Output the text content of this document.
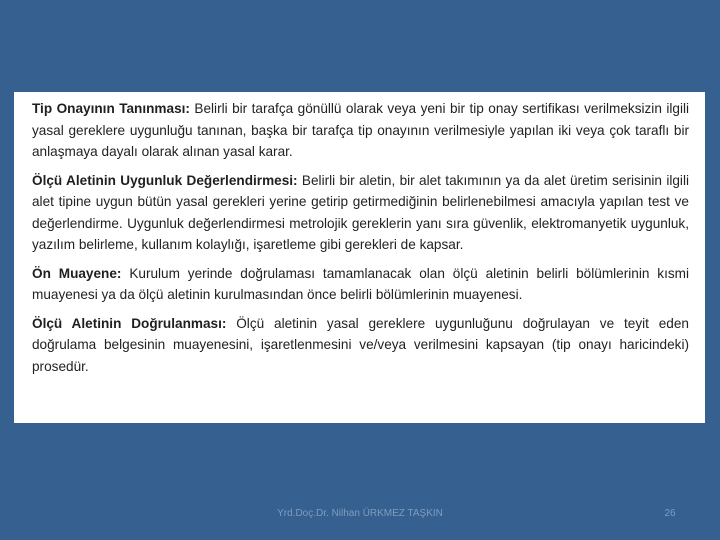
Tip Onayının Tanınması: Belirli bir tarafça gönüllü olarak veya yeni bir tip onay sertifikası verilmeksizin ilgili yasal gereklere uygunluğu tanınan, başka bir tarafça tip onayının verilmesiyle yapılan iki veya çok taraflı bir anlaşmaya dayalı olarak alınan yasal karar.

Ölçü Aletinin Uygunluk Değerlendirmesi: Belirli bir aletin, bir alet takımının ya da alet üretim serisinin ilgili alet tipine uygun bütün yasal gerekleri yerine getirip getirmediğinin belirlenebilmesi amacıyla yapılan test ve değerlendirme. Uygunluk değerlendirmesi metrolojik gereklerin yanı sıra güvenlik, elektromanyetik uygunluk, yazılım belirleme, kullanım kolaylığı, işaretleme gibi gerekleri de kapsar.

Ön Muayene: Kurulum yerinde doğrulaması tamamlanacak olan ölçü aletinin belirli bölümlerinin kısmi muayenesi ya da ölçü aletinin kurulmasından önce belirli bölümlerinin muayenesi.

Ölçü Aletinin Doğrulanması: Ölçü aletinin yasal gereklere uygunluğunu doğrulayan ve teyit eden doğrulama belgesinin muayenesini, işaretlenmesini ve/veya verilmesini kapsayan (tip onayı haricindeki) prosedür.

Yrd.Doç.Dr. Nilhan ÜRKMEZ TAŞKIN	26
